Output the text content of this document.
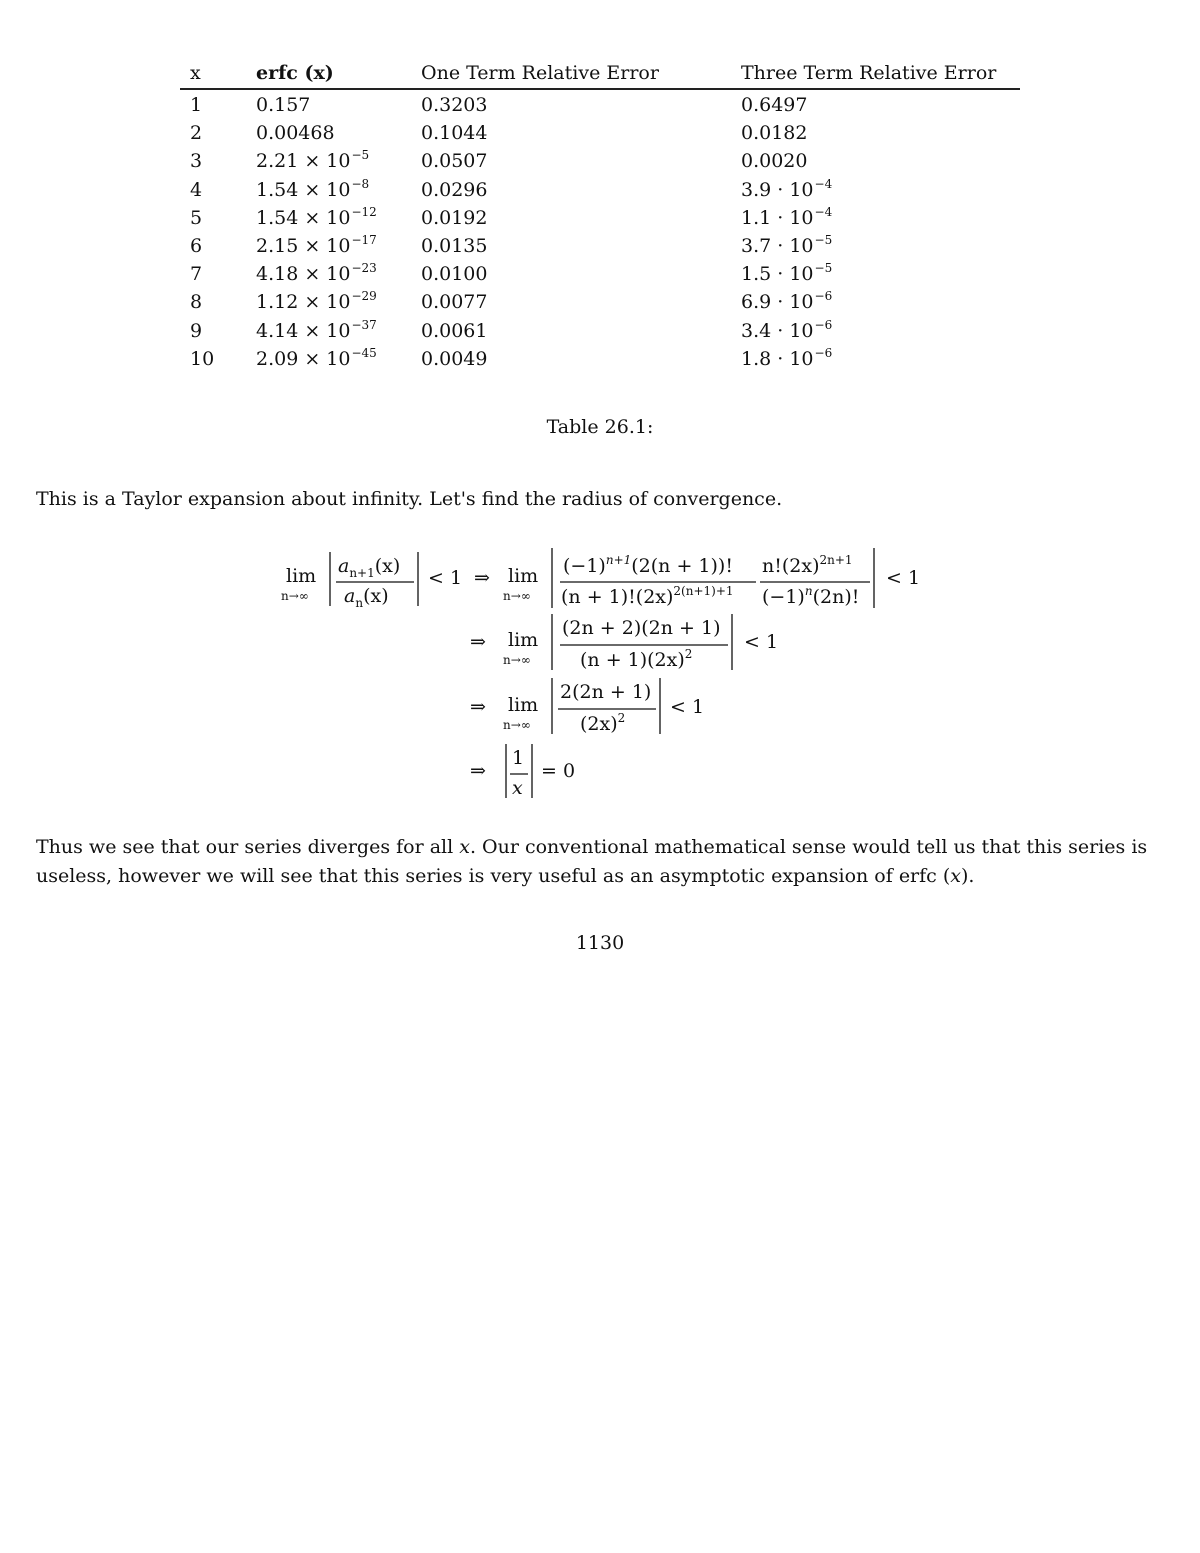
x	erfc (x)	One Term Relative Error	Three Term Relative Error
1	0.157	0.3203	0.6497
2	0.00468	0.1044	0.0182
3	$2.21 \times 10^{-5}$	0.0507	0.0020
4	$1.54 \times 10^{-8}$	0.0296	$3.9 \cdot 10^{-4}$
5	$1.54 \times 10^{-12}$ 0.0192	$1.1 \cdot 10^{-4}$
6	$2.15 \times 10^{-17}$ 0.0135	$3.7 \cdot 10^{-5}$
7	$4.18 \times 10^{-23}$ 0.0100	$1.5 \cdot 10^{-5}$
8	$1.12 \times 10^{-29}$ 0.0077	$6.9 \cdot 10^{-6}$
9	$4.14 \times 10^{-37}$ 0.0061	$3.4 \cdot 10^{-6}$
10 $2.09 \times 10^{-45}$ 0.0049	$1.8 \cdot 10^{-6}$
Table 26.1:
This is a Taylor expansion about infinity. Let's find the radius of convergence.
lim
n→∞
$a_{n+1}(x)$
$a_n(x)$
< 1 ⇒ lim
n→∞
$(-1)^{n+1}(2(n + 1))$!
$(n + 1)!(2x)^{2(n+1)+1}$
$n!(2x)^{2n+1}$
$(-1)^n(2n)$!
< 1
⇒ lim
n→∞
(2n + 2)(2n + 1)
$(n + 1)(2x)^2$
< 1
⇒ lim
n→∞
2(2n + 1)
$(2x)^2 < 1$
⇒
1
x
= 0
Thus we see that our series diverges for all x. Our conventional mathematical sense would tell us that this series is useless, however we will see that this series is very useful as an asymptotic expansion of erfc (x).
1130
